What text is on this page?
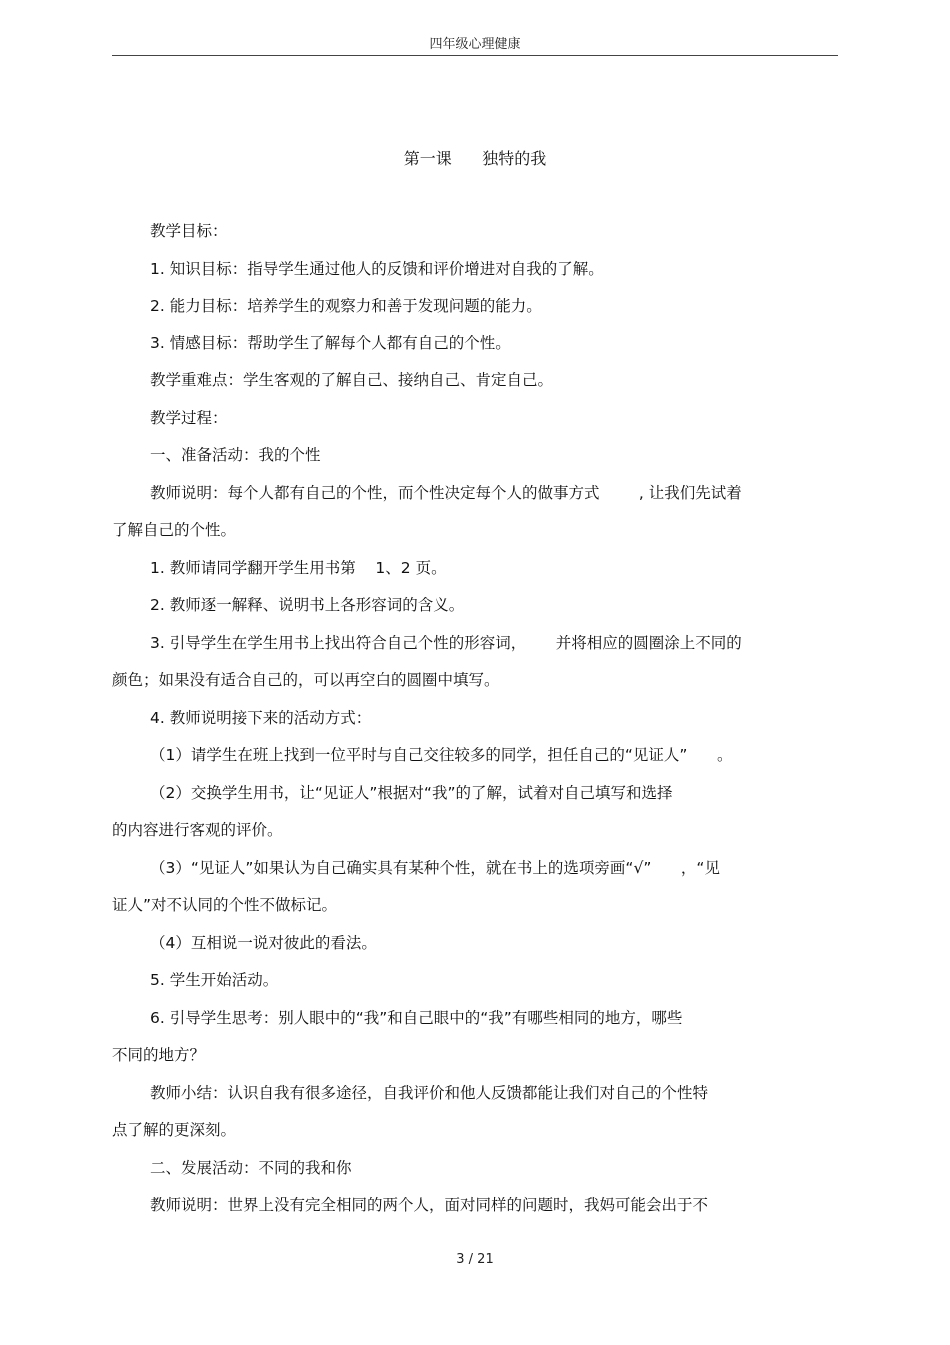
四年级心理健康
第一课      独特的我
教学目标：
1. 知识目标：指导学生通过他人的反馈和评价增进对自我的了解。
2. 能力目标：培养学生的观察力和善于发现问题的能力。
3. 情感目标：帮助学生了解每个人都有自己的个性。
教学重难点：学生客观的了解自己、接纳自己、肯定自己。
教学过程：
一、准备活动：我的个性
教师说明：每个人都有自己的个性，而个性决定每个人的做事方式        , 让我们先试着
了解自己的个性。
1. 教师请同学翻开学生用书第    1、2 页。
2. 教师逐一解释、说明书上各形容词的含义。
3. 引导学生在学生用书上找出符合自己个性的形容词，      并将相应的圆圈涂上不同的
颜色；如果没有适合自己的，可以再空白的圆圈中填写。
4. 教师说明接下来的活动方式：
（1）请学生在班上找到一位平时与自己交往较多的同学，担任自己的“见证人”      。
（2）交换学生用书，让“见证人”根据对“我”的了解，试着对自己填写和选择
的内容进行客观的评价。
（3）“见证人”如果认为自己确实具有某种个性，就在书上的选项旁画“√”      ，“见
证人”对不认同的个性不做标记。
（4）互相说一说对彼此的看法。
5. 学生开始活动。
6. 引导学生思考：别人眼中的“我”和自己眼中的“我”有哪些相同的地方，哪些
不同的地方？
教师小结：认识自我有很多途径，自我评价和他人反馈都能让我们对自己的个性特
点了解的更深刻。
二、发展活动：不同的我和你
教师说明：世界上没有完全相同的两个人，面对同样的问题时，我妈可能会出于不
3 / 21
